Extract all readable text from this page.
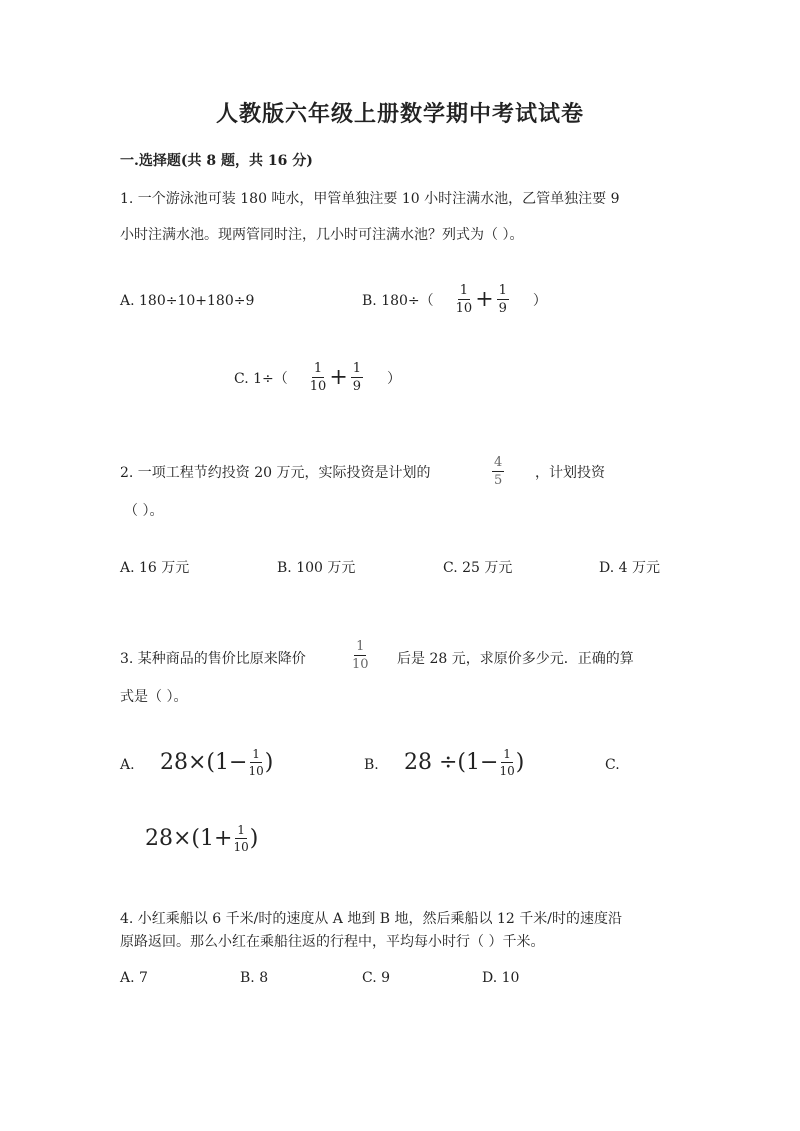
人教版六年级上册数学期中考试试卷
一.选择题(共 8 题，共 16 分)
1. 一个游泳池可装 180 吨水，甲管单独注要 10 小时注满水池，乙管单独注要 9
小时注满水池。现两管同时注，几小时可注满水池？列式为（ ）。
A. 180÷10+180÷9	B. $180\div( \frac{1}{10} + \frac{1}{9}$ ）
C. $1\div( \frac{1}{10} + \frac{1}{9}$ ）
2. 一项工程节约投资 20 万元，实际投资是计划的	$\frac{4}{5}$ ，计划投资
（ ）。
A. 16 万元	B. 100 万元	C. 25 万元	D. 4 万元
3. 某种商品的售价比原来降价	$\frac{1}{10}$ 后是 28 元，求原价多少元．正确的算
式是（ ）。
A. $28\times(1- \frac{1}{10}$ )	B. $28 \div(1- \frac{1}{10}$ )	C.
$28\times(1+ \frac{1}{10}$ )
4. 小红乘船以 6 千米/时的速度从 A 地到 B 地，然后乘船以 12 千米/时的速度沿
原路返回。那么小红在乘船往返的行程中，平均每小时行（ ）千米。
A. 7	B. 8	C. 9	D. 10
